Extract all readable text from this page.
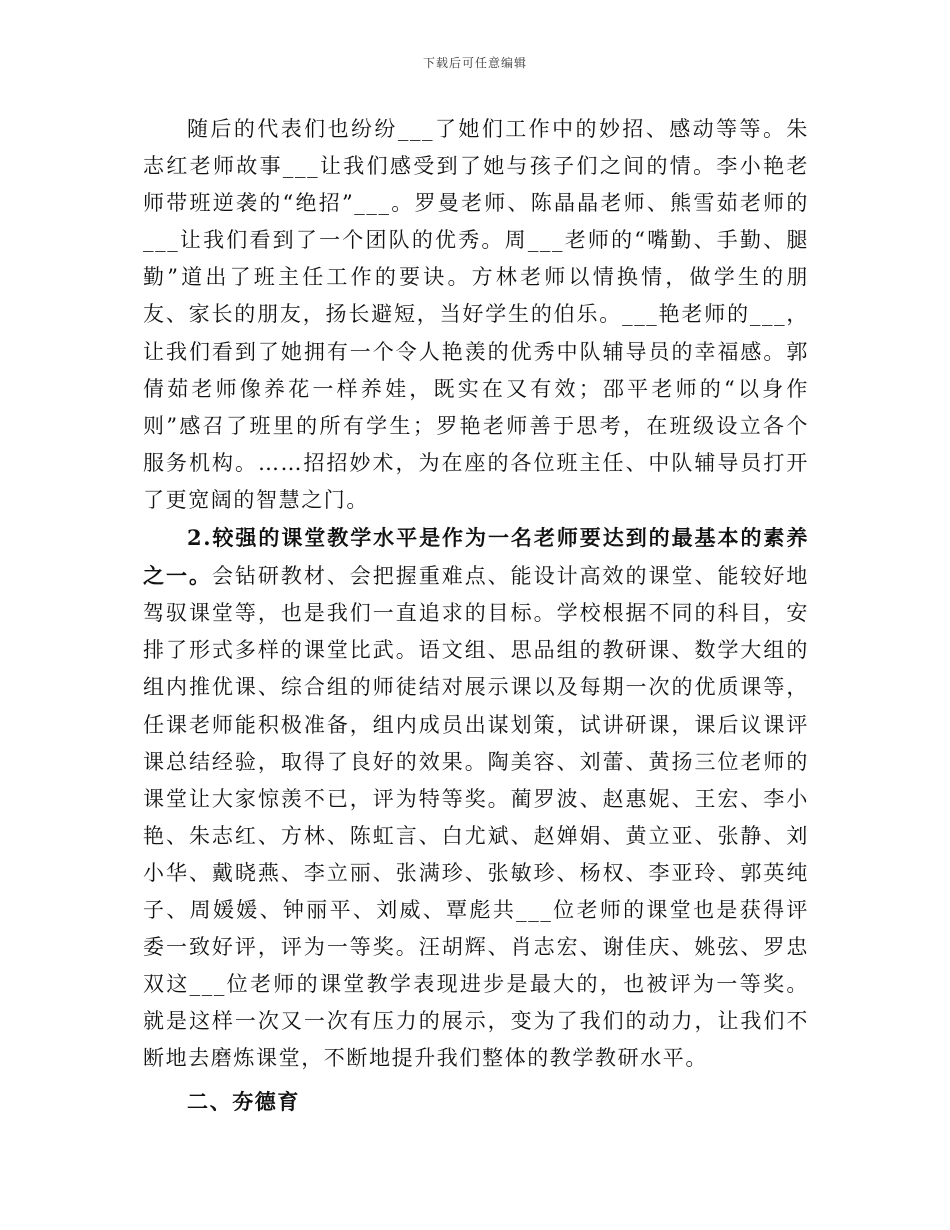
下载后可任意编辑

随后的代表们也纷纷___了她们工作中的妙招、感动等等。朱志红老师故事___让我们感受到了她与孩子们之间的情。李小艳老师带班逆袭的“绝招”___。罗曼老师、陈晶晶老师、熊雪茹老师的___让我们看到了一个团队的优秀。周___老师的“嘴勤、手勤、腿勤”道出了班主任工作的要诀。方林老师以情换情，做学生的朋友、家长的朋友，扬长避短，当好学生的伯乐。___艳老师的___，让我们看到了她拥有一个令人艳羡的优秀中队辅导员的幸福感。郭倩茹老师像养花一样养娃，既实在又有效；邵平老师的“以身作则”感召了班里的所有学生；罗艳老师善于思考，在班级设立各个服务机构。……招招妙术，为在座的各位班主任、中队辅导员打开了更宽阔的智慧之门。

2.较强的课堂教学水平是作为一名老师要达到的最基本的素养之一。会钻研教材、会把握重难点、能设计高效的课堂、能较好地驾驭课堂等，也是我们一直追求的目标。学校根据不同的科目，安排了形式多样的课堂比武。语文组、思品组的教研课、数学大组的组内推优课、综合组的师徒结对展示课以及每期一次的优质课等，任课老师能积极准备，组内成员出谋划策，试讲研课，课后议课评课总结经验，取得了良好的效果。陶美容、刘蕾、黄扬三位老师的课堂让大家惊羡不已，评为特等奖。蔺罗波、赵惠妮、王宏、李小艳、朱志红、方林、陈虹言、白尤斌、赵婵娟、黄立亚、张静、刘小华、戴晓燕、李立丽、张满珍、张敏珍、杨权、李亚玲、郭英纯子、周媛媛、钟丽平、刘威、覃彪共___位老师的课堂也是获得评委一致好评，评为一等奖。汪胡辉、肖志宏、谢佳庆、姚弦、罗忠双这___位老师的课堂教学表现进步是最大的，也被评为一等奖。就是这样一次又一次有压力的展示，变为了我们的动力，让我们不断地去磨炼课堂，不断地提升我们整体的教学教研水平。

二、夯德育
